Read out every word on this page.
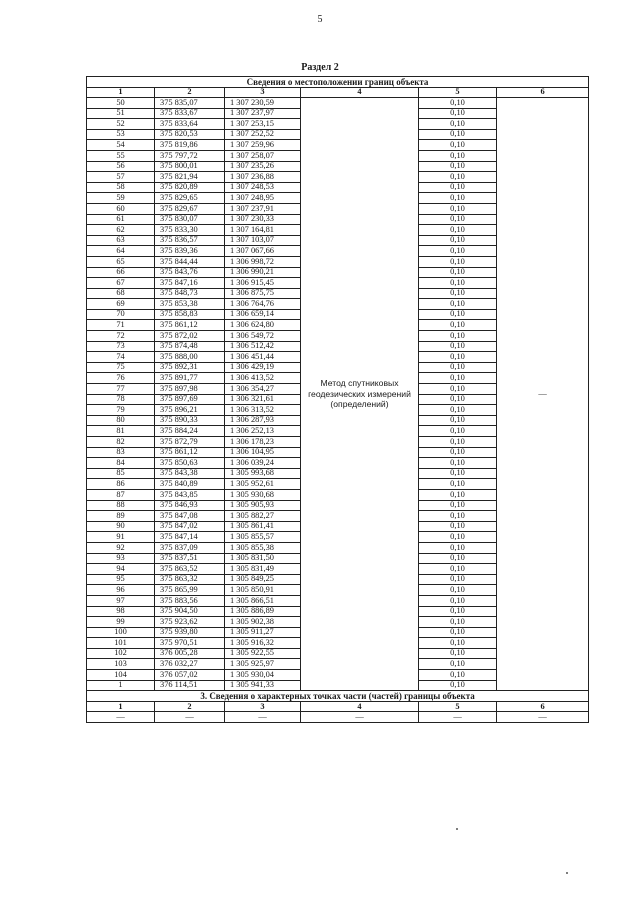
5
Раздел 2
Сведения о местоположении границ объекта					
1	2	3	4	5	6
50	375 835,07	1 307 230,59	Метод спутниковых геодезических измерений (определений)	0,10	—
51	375 833,67	1 307 237,97		0,10	
52	375 833,64	1 307 253,15		0,10	
53	375 820,53	1 307 252,52		0,10	
54	375 819,86	1 307 259,96		0,10	
55	375 797,72	1 307 258,07		0,10	
56	375 800,01	1 307 235,26		0,10	
57	375 821,94	1 307 236,88		0,10	
58	375 820,89	1 307 248,53		0,10	
59	375 829,65	1 307 248,95		0,10	
60	375 829,67	1 307 237,91		0,10	
61	375 830,07	1 307 230,33		0,10	
62	375 833,30	1 307 164,81		0,10	
63	375 836,57	1 307 103,07		0,10	
64	375 839,36	1 307 067,66		0,10	
65	375 844,44	1 306 998,72		0,10	
66	375 843,76	1 306 990,21		0,10	
67	375 847,16	1 306 915,45		0,10	
68	375 848,73	1 306 875,75		0,10	
69	375 853,38	1 306 764,76		0,10	
70	375 858,83	1 306 659,14		0,10	
71	375 861,12	1 306 624,80		0,10	
72	375 872,02	1 306 549,72		0,10	
73	375 874,48	1 306 512,42		0,10	
74	375 888,00	1 306 451,44		0,10	
75	375 892,31	1 306 429,19		0,10	
76	375 891,77	1 306 413,52		0,10	
77	375 897,98	1 306 354,27		0,10	
78	375 897,69	1 306 321,61		0,10	
79	375 896,21	1 306 313,52		0,10	
80	375 890,33	1 306 287,93		0,10	
81	375 884,24	1 306 252,13		0,10	
82	375 872,79	1 306 178,23		0,10	
83	375 861,12	1 306 104,95		0,10	
84	375 850,63	1 306 039,24		0,10	
85	375 843,38	1 305 993,68		0,10	
86	375 840,89	1 305 952,61		0,10	
87	375 843,85	1 305 930,68		0,10	
88	375 846,93	1 305 905,93		0,10	
89	375 847,08	1 305 882,27		0,10	
90	375 847,02	1 305 861,41		0,10	
91	375 847,14	1 305 855,57		0,10	
92	375 837,09	1 305 855,38		0,10	
93	375 837,51	1 305 831,50		0,10	
94	375 863,52	1 305 831,49		0,10	
95	375 863,32	1 305 849,25		0,10	
96	375 865,99	1 305 850,91		0,10	
97	375 883,56	1 305 866,51		0,10	
98	375 904,50	1 305 886,89		0,10	
99	375 923,62	1 305 902,38		0,10	
100	375 939,80	1 305 911,27		0,10	
101	375 970,51	1 305 916,32		0,10	
102	376 005,28	1 305 922,55		0,10	
103	376 032,27	1 305 925,97		0,10	
104	376 057,02	1 305 930,04		0,10	
1	376 114,51	1 305 941,33		0,10	
3. Сведения о характерных точках части (частей) границы объекта					
1	2	3	4	5	6
—	—	—	—	—	—
